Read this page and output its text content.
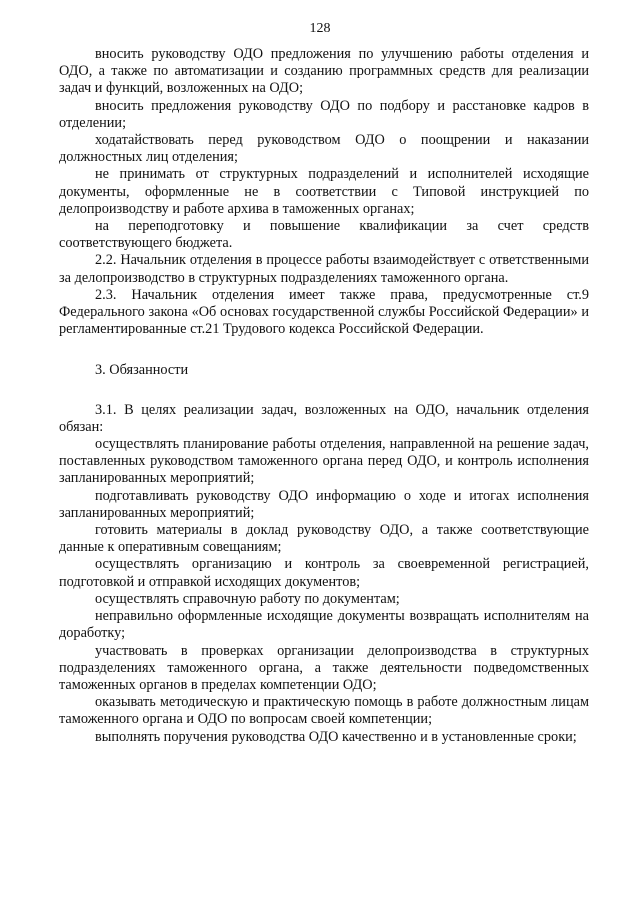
128

вносить руководству ОДО предложения по улучшению работы отделения и ОДО, а также по автоматизации и созданию программных средств для реализации задач и функций, возложенных на ОДО;

вносить предложения руководству ОДО по подбору и расстановке кадров в отделении;

ходатайствовать перед руководством ОДО о поощрении и наказании должностных лиц отделения;

не принимать от структурных подразделений и исполнителей исходящие документы, оформленные не в соответствии с Типовой инструкцией по делопроизводству и работе архива в таможенных органах;

на переподготовку и повышение квалификации за счет средств соответствующего бюджета.

2.2. Начальник отделения в процессе работы взаимодействует с ответственными за делопроизводство в структурных подразделениях таможенного органа.

2.3. Начальник отделения имеет также права, предусмотренные ст.9 Федерального закона «Об основах государственной службы Российской Федерации» и регламентированные ст.21 Трудового кодекса Российской Федерации.

3. Обязанности

3.1. В целях реализации задач, возложенных на ОДО, начальник отделения обязан:

осуществлять планирование работы отделения, направленной на решение задач, поставленных руководством таможенного органа перед ОДО, и контроль исполнения запланированных мероприятий;

подготавливать руководству ОДО информацию о ходе и итогах исполнения запланированных мероприятий;

готовить материалы в доклад руководству ОДО, а также соответствующие данные к оперативным совещаниям;

осуществлять организацию и контроль за своевременной регистрацией, подготовкой и отправкой исходящих документов;

осуществлять справочную работу по документам;

неправильно оформленные исходящие документы возвращать исполнителям на доработку;

участвовать в проверках организации делопроизводства в структурных подразделениях таможенного органа, а также деятельности подведомственных таможенных органов в пределах компетенции ОДО;

оказывать методическую и практическую помощь в работе должностным лицам таможенного органа и ОДО по вопросам своей компетенции;

выполнять поручения руководства ОДО качественно и в установленные сроки;
